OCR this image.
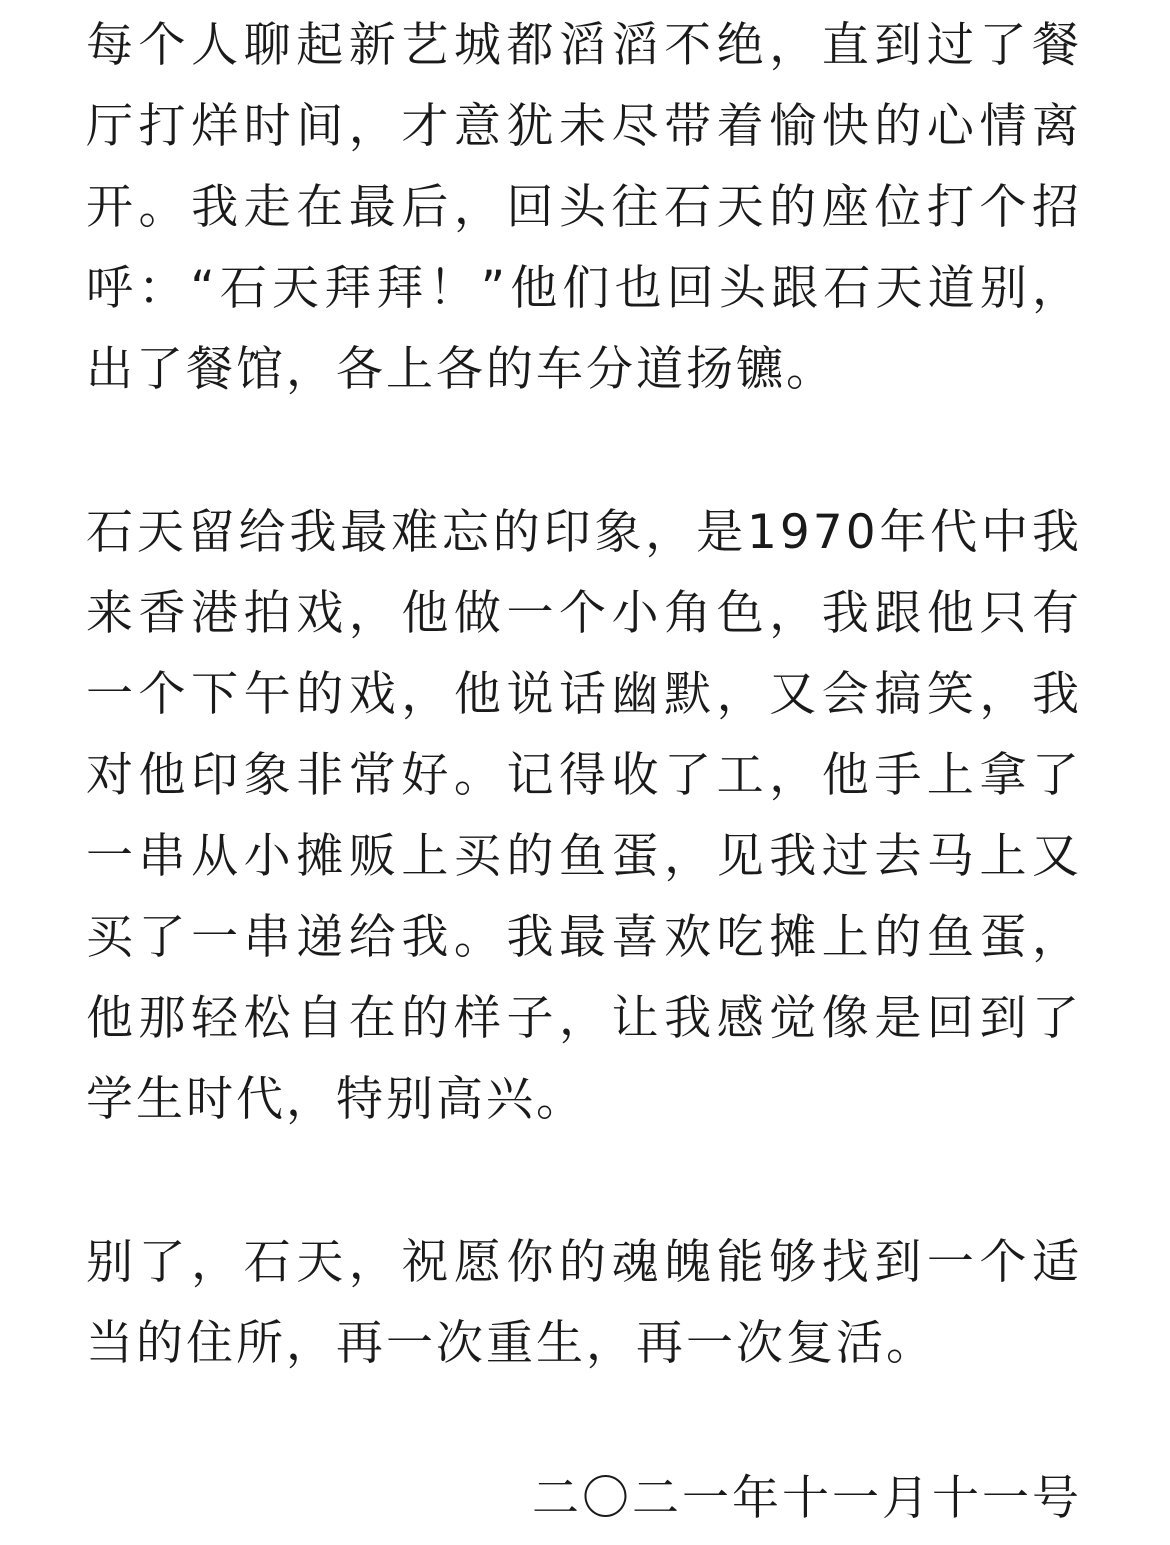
每个人聊起新艺城都滔滔不绝，直到过了餐厅打烊时间，才意犹未尽带着愉快的心情离开。我走在最后，回头往石天的座位打个招呼：“石天拜拜！”他们也回头跟石天道别，出了餐馆，各上各的车分道扬镳。

石天留给我最难忘的印象，是1970年代中我来香港拍戏，他做一个小角色，我跟他只有一个下午的戏，他说话幽默，又会搞笑，我对他印象非常好。记得收了工，他手上拿了一串从小摊贩上买的鱼蛋，见我过去马上又买了一串递给我。我最喜欢吃摊上的鱼蛋，他那轻松自在的样子，让我感觉像是回到了学生时代，特别高兴。

别了，石天，祝愿你的魂魄能够找到一个适当的住所，再一次重生，再一次复活。

二〇二一年十一月十一号
